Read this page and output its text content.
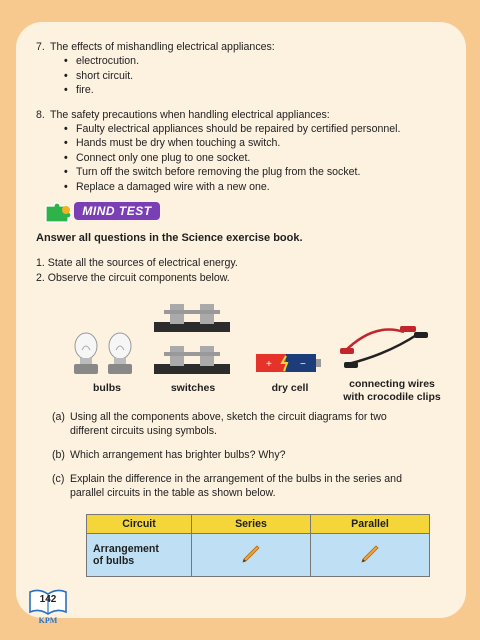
7. The effects of mishandling electrical appliances:

• electrocution.
• short circuit.
• fire.

8. The safety precautions when handling electrical appliances:

• Faulty electrical appliances should be repaired by certified personnel.
• Hands must be dry when touching a switch.
• Connect only one plug to one socket.
• Turn off the switch before removing the plug from the socket.
• Replace a damaged wire with a new one.
MIND TEST
Answer all questions in the Science exercise book.
1. State all the sources of electrical energy.
2. Observe the circuit components below.
+	−
bulbs	switches	dry cell	connecting wires
with crocodile clips
(a) Using all the components above, sketch the circuit diagrams for two
different circuits using symbols.
(b) Which arrangement has brighter bulbs? Why?
(c) Explain the difference in the arrangement of the bulbs in the series and
parallel circuits in the table as shown below.
Circuit	Series	Parallel

Arrangement
of bulbs

142
KPM
